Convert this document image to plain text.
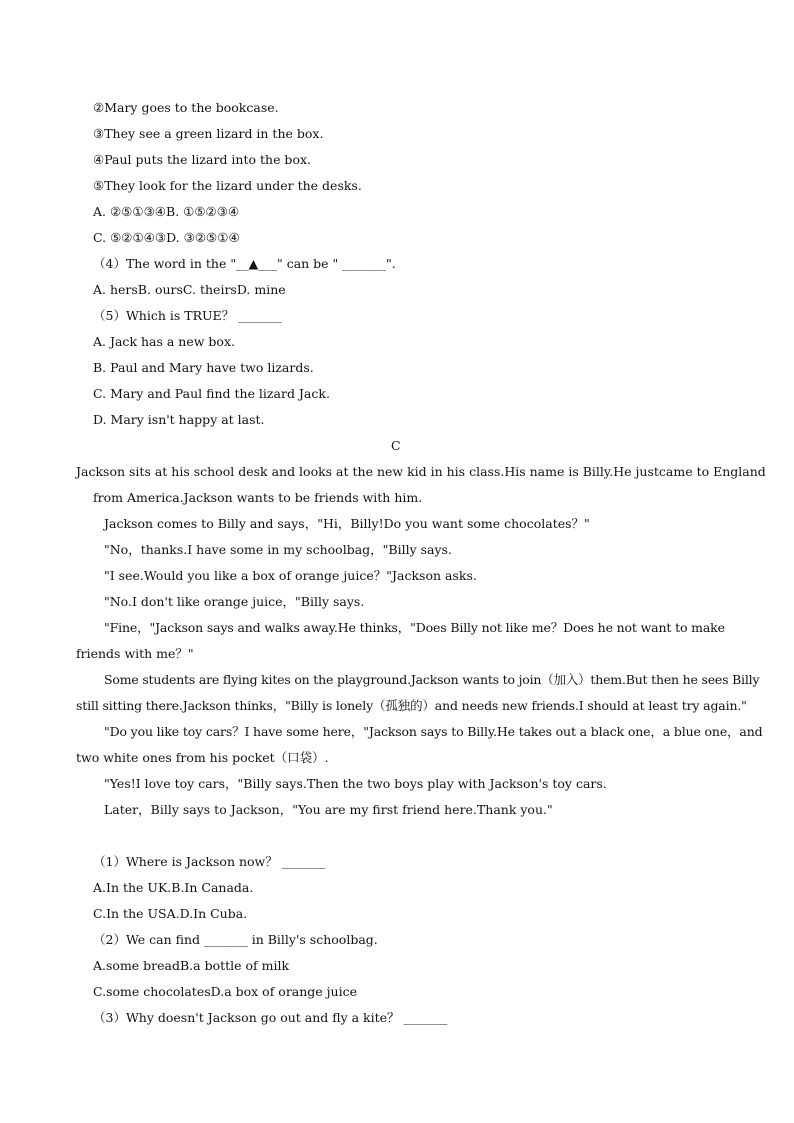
②Mary goes to the bookcase.
③They see a green lizard in the box.
④Paul puts the lizard into the box.
⑤They look for the lizard under the desks.
A. ②⑤①③④B. ①⑤②③④
C. ⑤②①④③D. ③②⑤①④
（4）The word in the "__▲___" can be " _______".
A. hersB. oursC. theirsD. mine
（5）Which is TRUE？ _______
A. Jack has a new box.
B. Paul and Mary have two lizards.
C. Mary and Paul find the lizard Jack.
D. Mary isn't happy at last.
C
Jackson sits at his school desk and looks at the new kid in his class.His name is Billy.He just came to England
from America.Jackson wants to be friends with him.
Jackson comes to Billy and says，"Hi，Billy!Do you want some chocolates？"
"No，thanks.I have some in my schoolbag，"Billy says.
"I see.Would you like a box of orange juice？"Jackson asks.
"No.I don't like orange juice，"Billy says.
"Fine，"Jackson says and walks away.He thinks，"Does Billy not like me？Does he not want to make
friends with me？"
Some students are flying kites on the playground.Jackson wants to join（加入）them.But then he sees Billy
still sitting there.Jackson thinks，"Billy is lonely（孤独的）and needs new friends.I should at least try again."
"Do you like toy cars？I have some here，"Jackson says to Billy.He takes out a black one，a blue one，and
two white ones from his pocket（口袋）.
"Yes!I love toy cars，"Billy says.Then the two boys play with Jackson's toy cars.
Later，Billy says to Jackson，"You are my first friend here.Thank you."
（1）Where is Jackson now？ _______
A.In the UK.B.In Canada.
C.In the USA.D.In Cuba.
（2）We can find _______ in Billy's schoolbag.
A.some breadB.a bottle of milk
C.some chocolatesD.a box of orange juice
（3）Why doesn't Jackson go out and fly a kite？ _______
